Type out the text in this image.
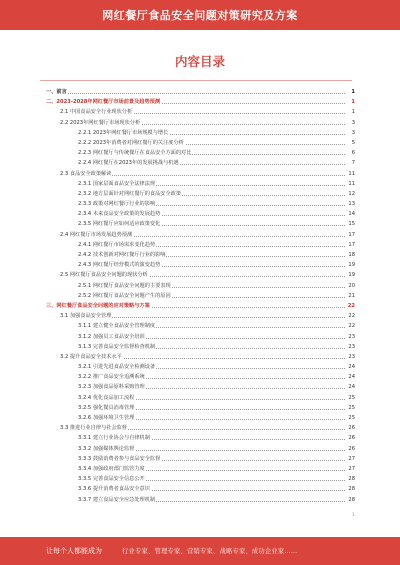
网红餐厅食品安全问题对策研究及方案
内容目录
一、前言	1
二、2023-2028年网红餐厅市场前景及趋势预测	1
2.1 中国食品安全行业现状分析	1
2.2 2023年网红餐厅市场现状分析	3
2.2.1 2023年网红餐厅市场规模与增长	3
2.2.2 2023年消费者对网红餐厅的关注度分析	5
2.2.3 网红餐厅与传统餐厅在食品安全方面的对比	6
2.2.4 网红餐厅在2023年的发展挑战与机遇	7
2.3 食品安全政策解读	11
2.3.1 国家层面食品安全法律法规	11
2.3.2 地方层面针对网红餐厅的食品安全政策	12
2.3.3 政策对网红餐厅行业的影响	13
2.3.4 未来食品安全政策的发展趋势	14
2.3.5 网红餐厅应如何适应政策变化	15
2.4 网红餐厅市场发展趋势预测	17
2.4.1 网红餐厅市场需求变化趋势	17
2.4.2 技术创新对网红餐厅行业的影响	18
2.4.3 网红餐厅经营模式的演变趋势	19
2.5 网红餐厅食品安全问题的现状分析	19
2.5.1 网红餐厅食品安全问题的主要表现	20
2.5.2 网红餐厅食品安全问题产生的原因	21
三、网红餐厅食品安全问题的应对策略与方案	22
3.1 加强食品安全管理	22
3.1.1 建立健全食品安全管理制度	22
3.1.2 加强员工食品安全培训	23
3.1.3 完善食品安全监督检查机制	23
3.2 提升食品安全技术水平	23
3.2.1 引进先进食品安全检测设备	24
3.2.2 推广食品安全追溯系统	24
3.2.3 加强食品原料采购管理	24
3.2.4 优化食品加工流程	25
3.2.5 强化餐具消毒管理	25
3.2.6 加强环境卫生管理	25
3.3 推进行业自律与社会监督	26
3.3.1 建立行业协会与自律机制	26
3.3.2 加强媒体舆论监督	26
3.3.3 鼓励消费者参与食品安全监督	27
3.3.4 加强政府部门监管力度	27
3.3.5 完善食品安全信息公开	28
3.3.6 提升消费者食品安全意识	28
3.3.7 建立食品安全应急处理机制	28
1
让每个人都能成为	行业专家、管理专家、营销专家、战略专家、成功企业家……
